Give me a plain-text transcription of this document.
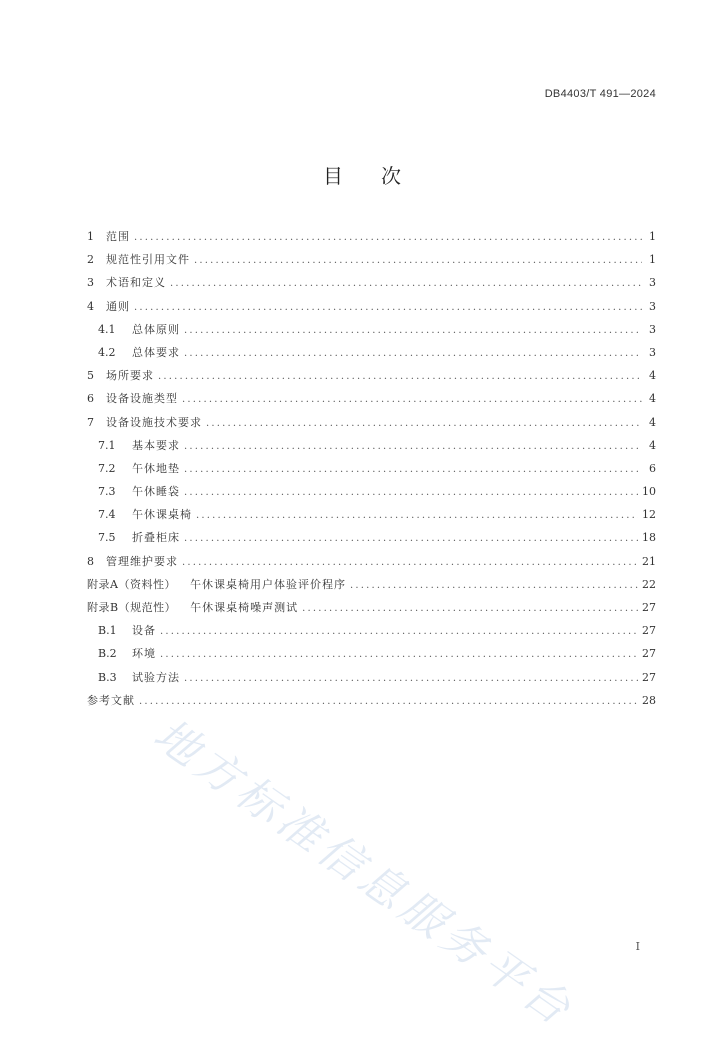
DB4403/T 491—2024
目 次
1	范围 .....	1
2	规范性引用文件 .....	1
3	术语和定义 .....	3
4	通则 .....	3
4.1	总体原则 .....	3
4.2	总体要求 .....	3
5	场所要求 .....	4
6	设备设施类型 .....	4
7	设备设施技术要求 .....	4
7.1	基本要求 .....	4
7.2	午休地垫 .....	6
7.3	午休睡袋 .....	10
7.4	午休课桌椅 .....	12
7.5	折叠柜床 .....	18
8	管理维护要求 .....	21
附录A（资料性） 午休课桌椅用户体验评价程序 .....	22
附录B（规范性） 午休课桌椅噪声测试 .....	27
B.1	设备 .....	27
B.2	环境 .....	27
B.3	试验方法 .....	27
参考文献 .....	28
地方标准信息服务平台	I
